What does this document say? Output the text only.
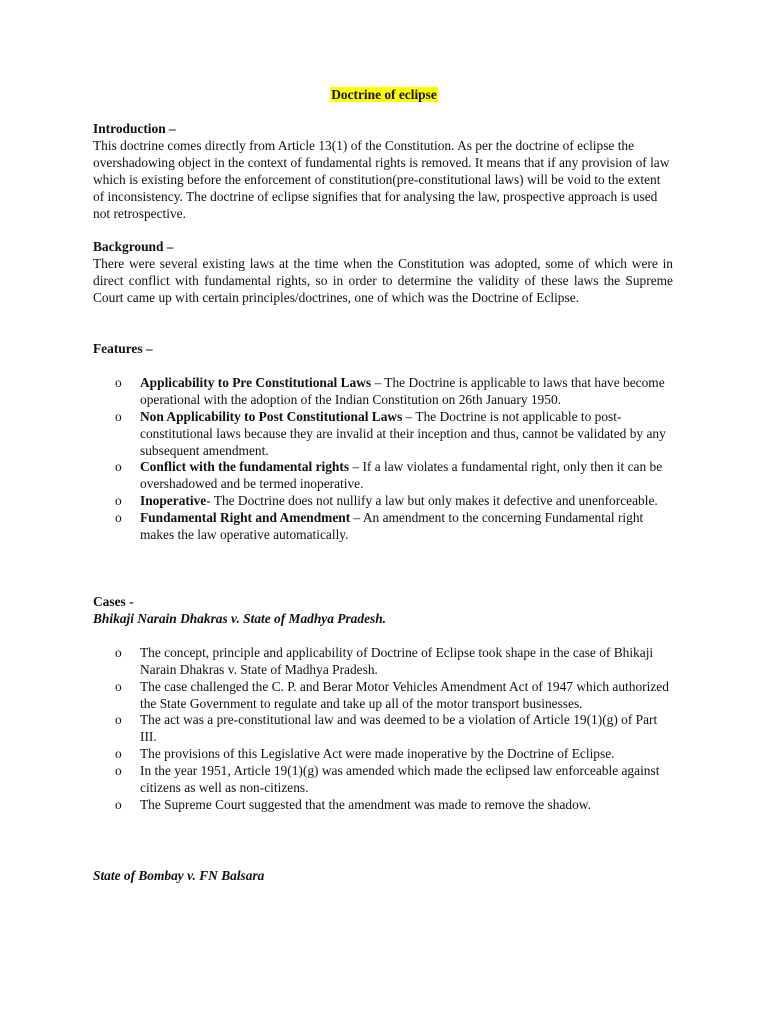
Doctrine of eclipse
Introduction –
This doctrine comes directly from Article 13(1) of the Constitution. As per the doctrine of eclipse the overshadowing object in the context of fundamental rights is removed. It means that if any provision of law which is existing before the enforcement of constitution(pre-constitutional laws) will be void to the extent of inconsistency. The doctrine of eclipse signifies that for analysing the law, prospective approach is used not retrospective.
Background –
There were several existing laws at the time when the Constitution was adopted, some of which were in direct conflict with fundamental rights, so in order to determine the validity of these laws the Supreme Court came up with certain principles/doctrines, one of which was the Doctrine of Eclipse.
Features –
o Applicability to Pre Constitutional Laws – The Doctrine is applicable to laws that have become operational with the adoption of the Indian Constitution on 26th January 1950.
o Non Applicability to Post Constitutional Laws – The Doctrine is not applicable to post-constitutional laws because they are invalid at their inception and thus, cannot be validated by any subsequent amendment.
o Conflict with the fundamental rights – If a law violates a fundamental right, only then it can be overshadowed and be termed inoperative.
o Inoperative- The Doctrine does not nullify a law but only makes it defective and unenforceable.
o Fundamental Right and Amendment – An amendment to the concerning Fundamental right makes the law operative automatically.
Cases -
Bhikaji Narain Dhakras v. State of Madhya Pradesh.
o The concept, principle and applicability of Doctrine of Eclipse took shape in the case of Bhikaji Narain Dhakras v. State of Madhya Pradesh.
o The case challenged the C. P. and Berar Motor Vehicles Amendment Act of 1947 which authorized the State Government to regulate and take up all of the motor transport businesses.
o The act was a pre-constitutional law and was deemed to be a violation of Article 19(1)(g) of Part III.
o The provisions of this Legislative Act were made inoperative by the Doctrine of Eclipse.
o In the year 1951, Article 19(1)(g) was amended which made the eclipsed law enforceable against citizens as well as non-citizens.
o The Supreme Court suggested that the amendment was made to remove the shadow.
State of Bombay v. FN Balsara
